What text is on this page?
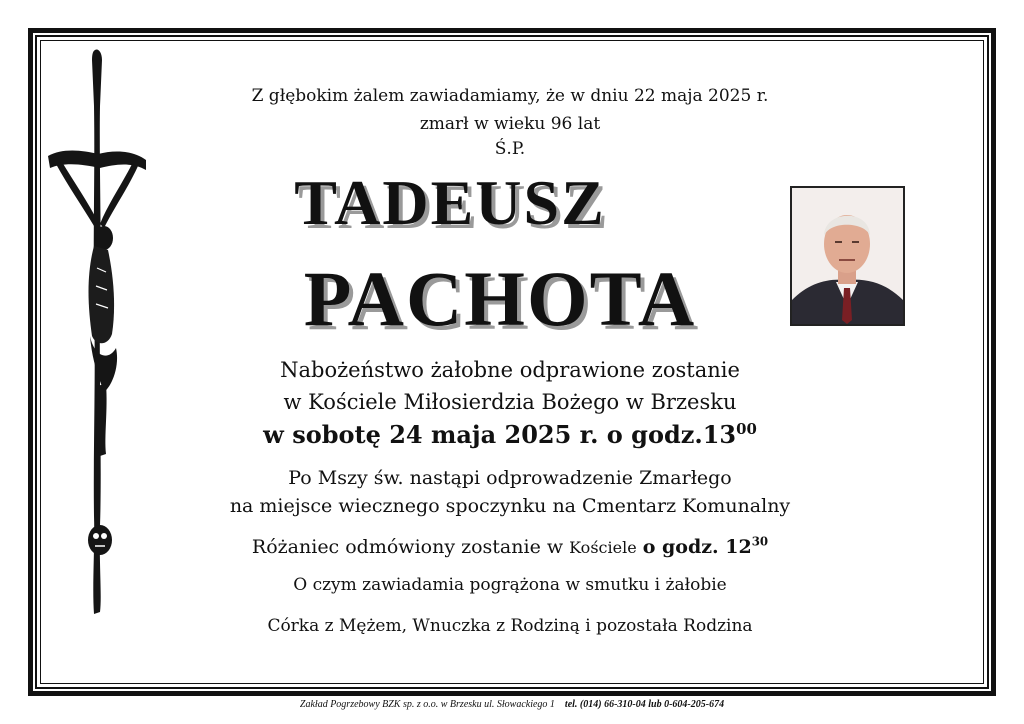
Z głębokim żalem zawiadamiamy, że w dniu 22 maja 2025 r.

zmarł w wieku 96 lat

Ś.P.

TADEUSZ

PACHOTA

Nabożeństwo żałobne odprawione zostanie

w Kościele Miłosierdzia Bożego w Brzesku

w sobotę 24 maja 2025 r. o $godz.13^{00}$

Po Mszy św. nastąpi odprowadzenie Zmarłego

na miejsce wiecznego spoczynku na Cmentarz Komunalny

Różaniec odmówiony zostanie w Kościele o godz. $12^{30}$

O czym zawiadamia pogrążona w smutku i żałobie

Córka z Mężem, Wnuczka z Rodziną i pozostała Rodzina

Zakład Pogrzebowy BZK sp. z o.o. w Brzesku ul. Słowackiego 1 tel. (014) 66-310-04 lub 0-604-205-674
